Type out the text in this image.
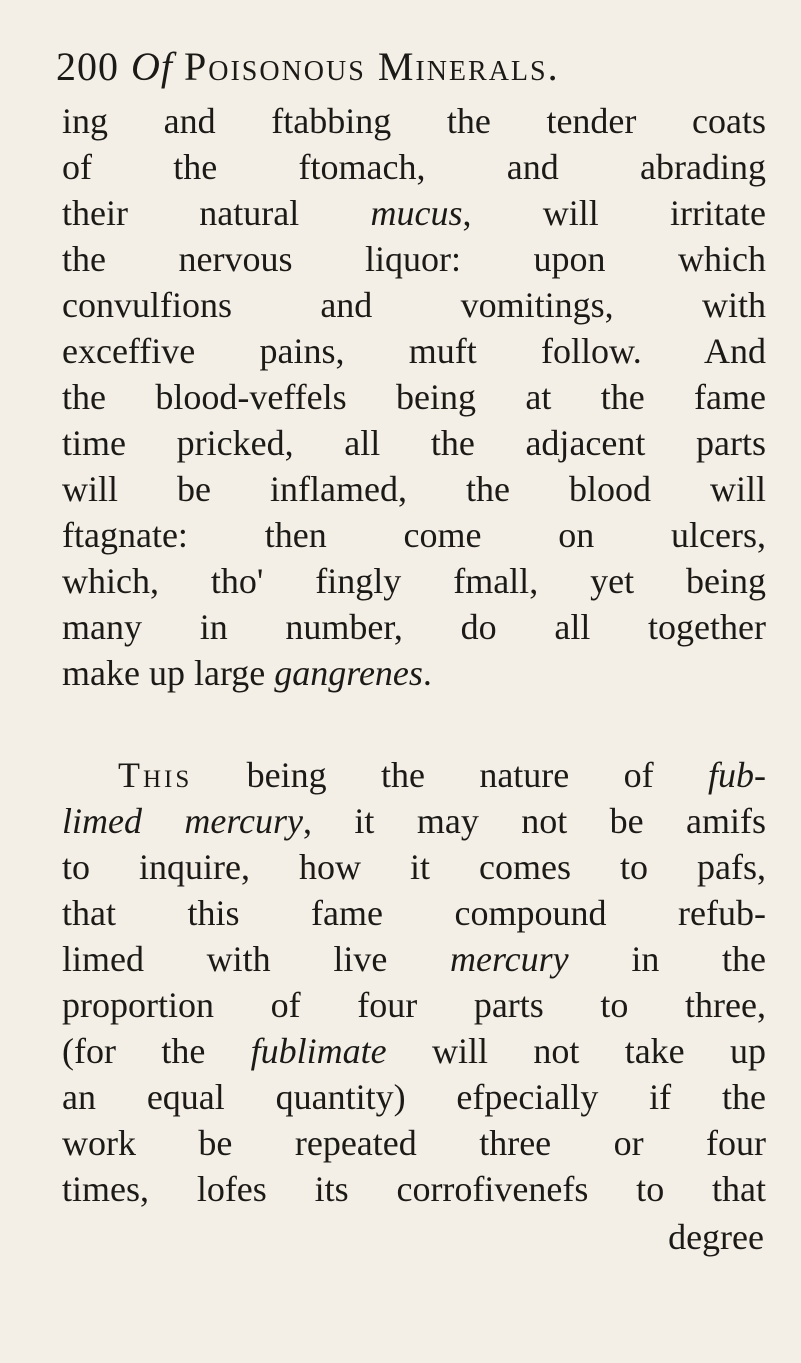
200 Of Poisonous Minerals.
ing and ftabbing the tender coats
of the ftomach, and abrading
their natural mucus, will irritate
the nervous liquor: upon which
convulfions and vomitings, with
exceffive pains, muft follow. And
the blood-veffels being at the fame
time pricked, all the adjacent parts
will be inflamed, the blood will
ftagnate: then come on ulcers,
which, tho' fingly fmall, yet being
many in number, do all together
make up large gangrenes.
This being the nature of fub-
limed mercury, it may not be amifs
to inquire, how it comes to pafs,
that this fame compound refub-
limed with live mercury in the
proportion of four parts to three,
(for the fublimate will not take up
an equal quantity) efpecially if the
work be repeated three or four
times, lofes its corrofivenefs to that
degree
